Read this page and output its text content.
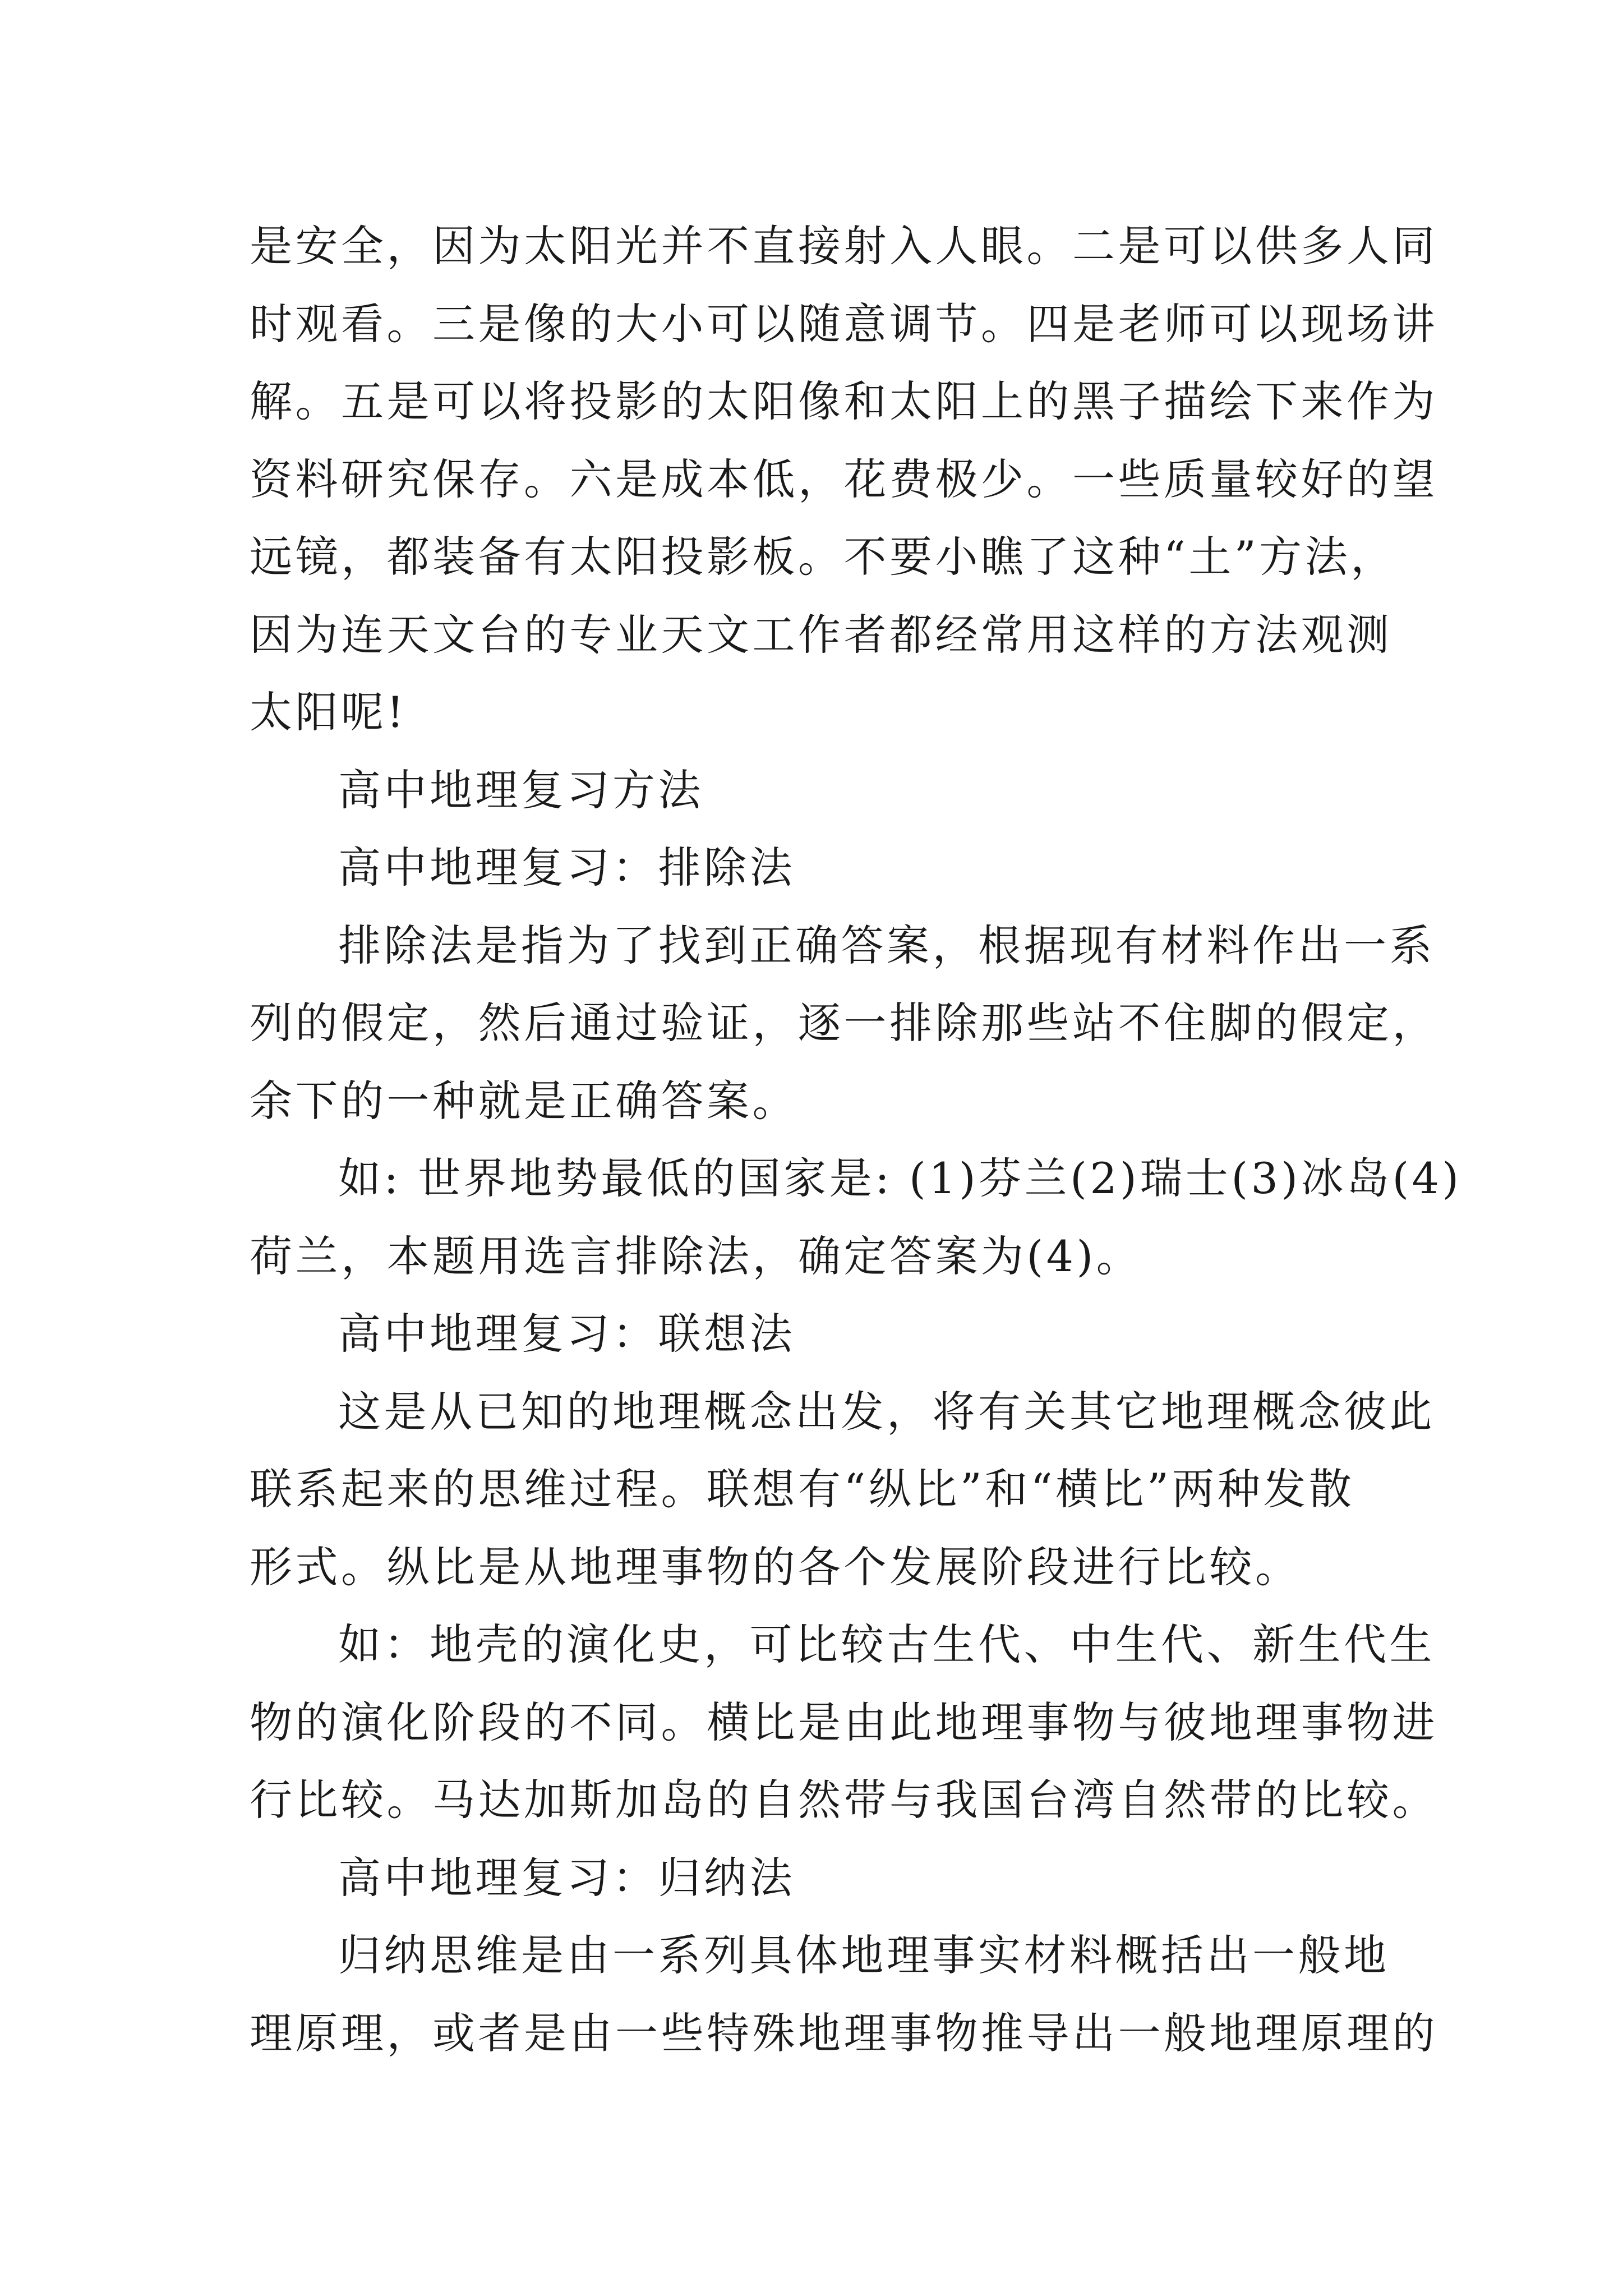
是安全，因为太阳光并不直接射入人眼。二是可以供多人同
时观看。三是像的大小可以随意调节。四是老师可以现场讲
解。五是可以将投影的太阳像和太阳上的黑子描绘下来作为
资料研究保存。六是成本低，花费极少。一些质量较好的望
远镜，都装备有太阳投影板。不要小瞧了这种“土”方法，
因为连天文台的专业天文工作者都经常用这样的方法观测
太阳呢!
高中地理复习方法
高中地理复习：排除法
排除法是指为了找到正确答案，根据现有材料作出一系
列的假定，然后通过验证，逐一排除那些站不住脚的假定，
余下的一种就是正确答案。
如: 世界地势最低的国家是: (1)芬兰(2)瑞士(3)冰岛(4)
荷兰，本题用选言排除法，确定答案为(4)。
高中地理复习：联想法
这是从已知的地理概念出发，将有关其它地理概念彼此
联系起来的思维过程。联想有“纵比”和“横比”两种发散
形式。纵比是从地理事物的各个发展阶段进行比较。
如：地壳的演化史，可比较古生代、中生代、新生代生
物的演化阶段的不同。横比是由此地理事物与彼地理事物进
行比较。马达加斯加岛的自然带与我国台湾自然带的比较。
高中地理复习：归纳法
归纳思维是由一系列具体地理事实材料概括出一般地
理原理，或者是由一些特殊地理事物推导出一般地理原理的
